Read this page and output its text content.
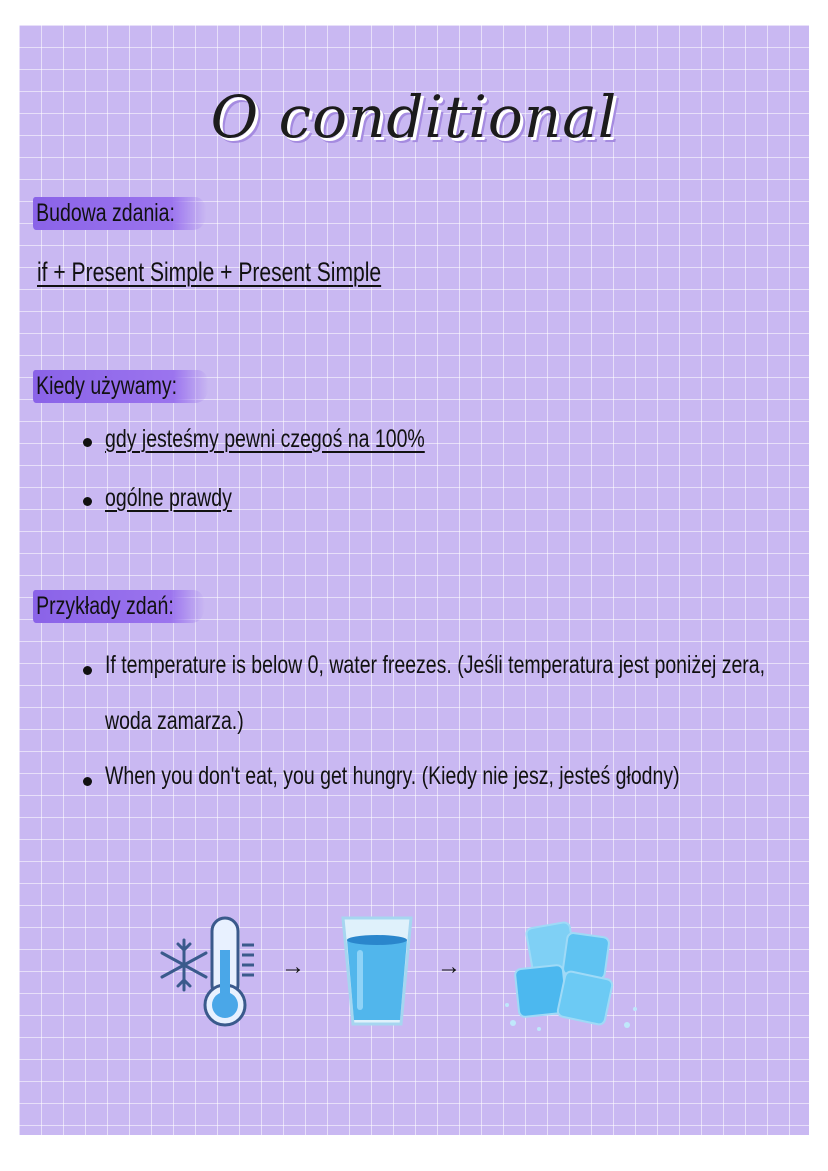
O conditional
Budowa zdania:
if + Present Simple + Present Simple
Kiedy używamy:
gdy jesteśmy pewni czegoś na 100%
ogólne prawdy
Przykłady zdań:
If temperature is below 0, water freezes. (Jeśli temperatura jest poniżej zera,
woda zamarza.)
When you don't eat, you get hungry. (Kiedy nie jesz, jesteś głodny)
→	→
